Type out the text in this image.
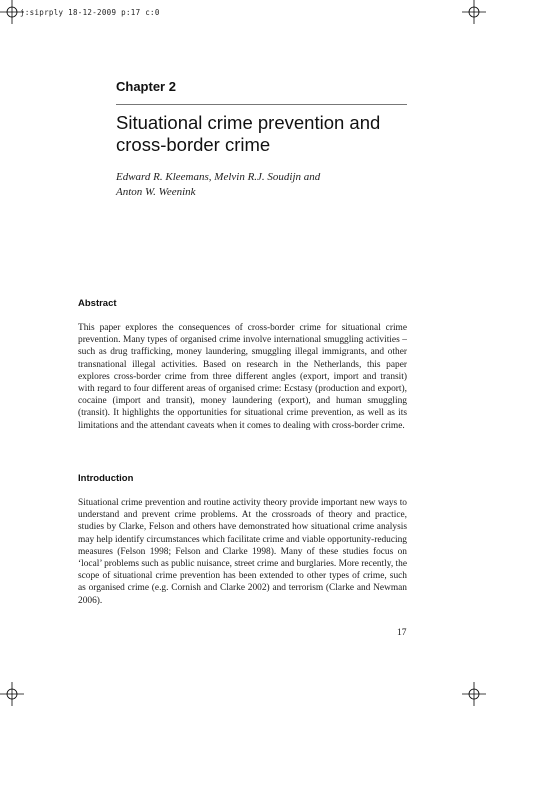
j:siprply 18-12-2009 p:17 c:0
Chapter 2
Situational crime prevention and cross-border crime
Edward R. Kleemans, Melvin R.J. Soudijn and
Anton W. Weenink
Abstract
This paper explores the consequences of cross-border crime for situational crime prevention. Many types of organised crime involve international smuggling activities – such as drug trafficking, money laundering, smuggling illegal immigrants, and other transnational illegal activities. Based on research in the Netherlands, this paper explores cross-border crime from three different angles (export, import and transit) with regard to four different areas of organised crime: Ecstasy (production and export), cocaine (import and transit), money laundering (export), and human smuggling (transit). It highlights the opportunities for situational crime prevention, as well as its limitations and the attendant caveats when it comes to dealing with cross-border crime.
Introduction
Situational crime prevention and routine activity theory provide important new ways to understand and prevent crime problems. At the crossroads of theory and practice, studies by Clarke, Felson and others have demonstrated how situational crime analysis may help identify circumstances which facilitate crime and viable opportunity-reducing measures (Felson 1998; Felson and Clarke 1998). Many of these studies focus on ‘local’ problems such as public nuisance, street crime and burglaries. More recently, the scope of situational crime prevention has been extended to other types of crime, such as organised crime (e.g. Cornish and Clarke 2002) and terrorism (Clarke and Newman 2006).
17
